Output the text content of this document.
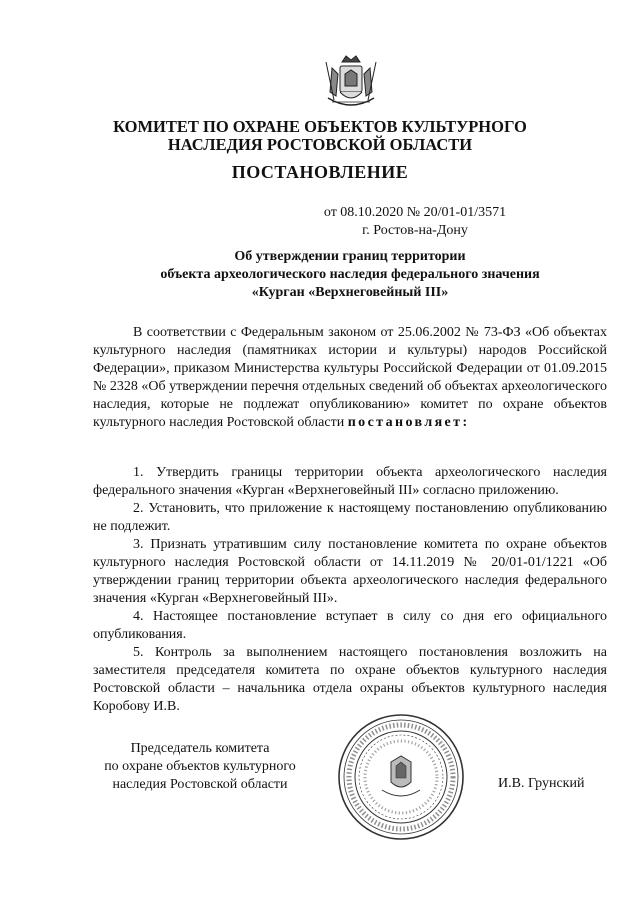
КОМИТЕТ ПО ОХРАНЕ ОБЪЕКТОВ КУЛЬТУРНОГО
НАСЛЕДИЯ РОСТОВСКОЙ ОБЛАСТИ
ПОСТАНОВЛЕНИЕ
от 08.10.2020 № 20/01-01/3571
г. Ростов-на-Дону
Об утверждении границ территории
объекта археологического наследия федерального значения
«Курган «Верхнеговейный III»

В соответствии с Федеральным законом от 25.06.2002 № 73-ФЗ «Об объектах культурного наследия (памятниках истории и культуры) народов Российской Федерации», приказом Министерства культуры Российской Федерации от 01.09.2015 № 2328 «Об утверждении перечня отдельных сведений об объектах археологического наследия, которые не подлежат опубликованию» комитет по охране объектов культурного наследия Ростовской области постановляет:

1. Утвердить границы территории объекта археологического наследия федерального значения «Курган «Верхнеговейный III» согласно приложению.

2. Установить, что приложение к настоящему постановлению опубликованию не подлежит.

3. Признать утратившим силу постановление комитета по охране объектов культурного наследия Ростовской области от 14.11.2019 № 20/01-01/1221 «Об утверждении границ территории объекта археологического наследия федерального значения «Курган «Верхнеговейный III».

4. Настоящее постановление вступает в силу со дня его официального опубликования.

5. Контроль за выполнением настоящего постановления возложить на заместителя председателя комитета по охране объектов культурного наследия Ростовской области – начальника отдела охраны объектов культурного наследия Коробову И.В.

Председатель комитета
по охране объектов культурного
наследия Ростовской области	И.В. Грунский
